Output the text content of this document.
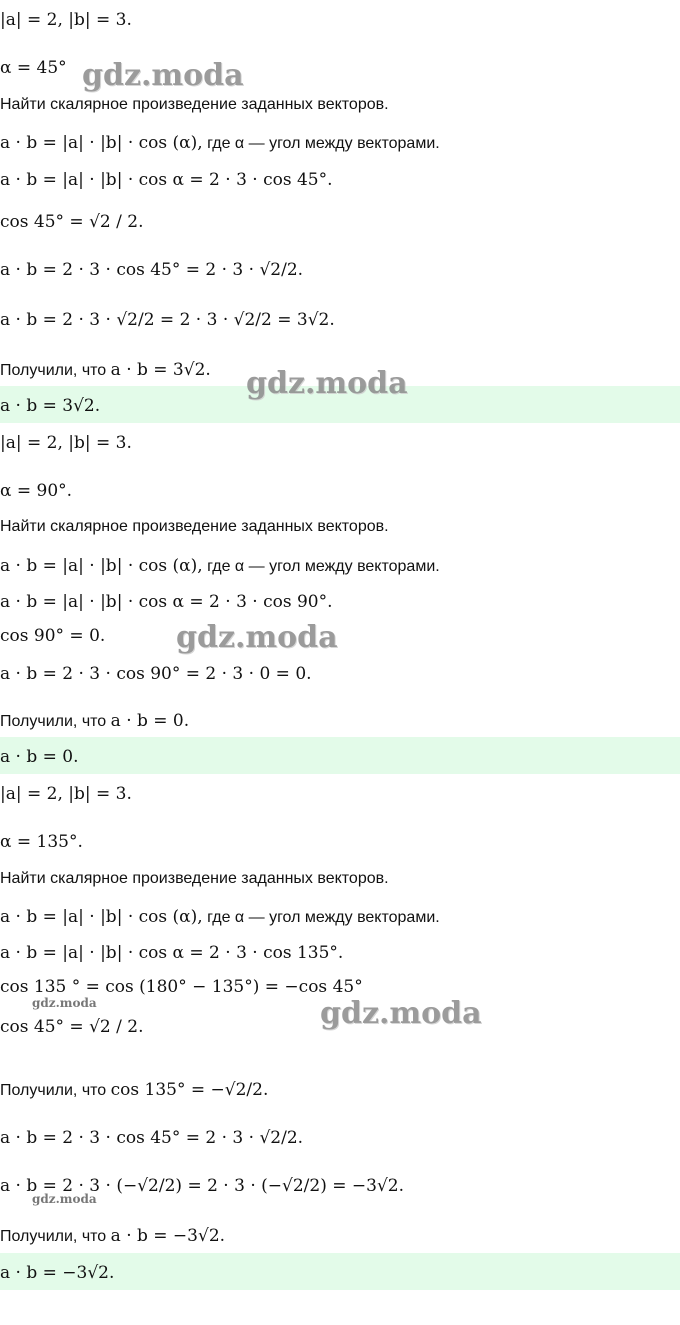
|a| = 2, |b| = 3.
α = 45°
Найти скалярное произведение заданных векторов.
a · b = |a| · |b| · cos (α), где α — угол между векторами.
a · b = |a| · |b| · cos α = 2 · 3 · cos 45°.
cos 45° = √2 / 2.
a · b = 2 · 3 · cos 45° = 2 · 3 · √2/2.
a · b = 2 · 3 · √2/2 = 2 · 3 · √2/2 = 3√2.
Получили, что a · b = 3√2.
a · b = 3√2.
|a| = 2, |b| = 3.
α = 90°.
Найти скалярное произведение заданных векторов.
a · b = |a| · |b| · cos (α), где α — угол между векторами.
a · b = |a| · |b| · cos α = 2 · 3 · cos 90°.
cos 90° = 0.
a · b = 2 · 3 · cos 90° = 2 · 3 · 0 = 0.
Получили, что a · b = 0.
a · b = 0.
|a| = 2, |b| = 3.
α = 135°.
Найти скалярное произведение заданных векторов.
a · b = |a| · |b| · cos (α), где α — угол между векторами.
a · b = |a| · |b| · cos α = 2 · 3 · cos 135°.
cos 135 ° = cos (180° − 135°) = −cos 45°
cos 45° = √2 / 2.
Получили, что cos 135° = −√2/2.
a · b = 2 · 3 · cos 45° = 2 · 3 · √2/2.
a · b = 2 · 3 · (−√2/2) = 2 · 3 · (−√2/2) = −3√2.
Получили, что a · b = −3√2.
a · b = −3√2.
gdz.moda
gdz.moda
gdz.moda
gdz.moda
gdz.moda
gdz.moda
